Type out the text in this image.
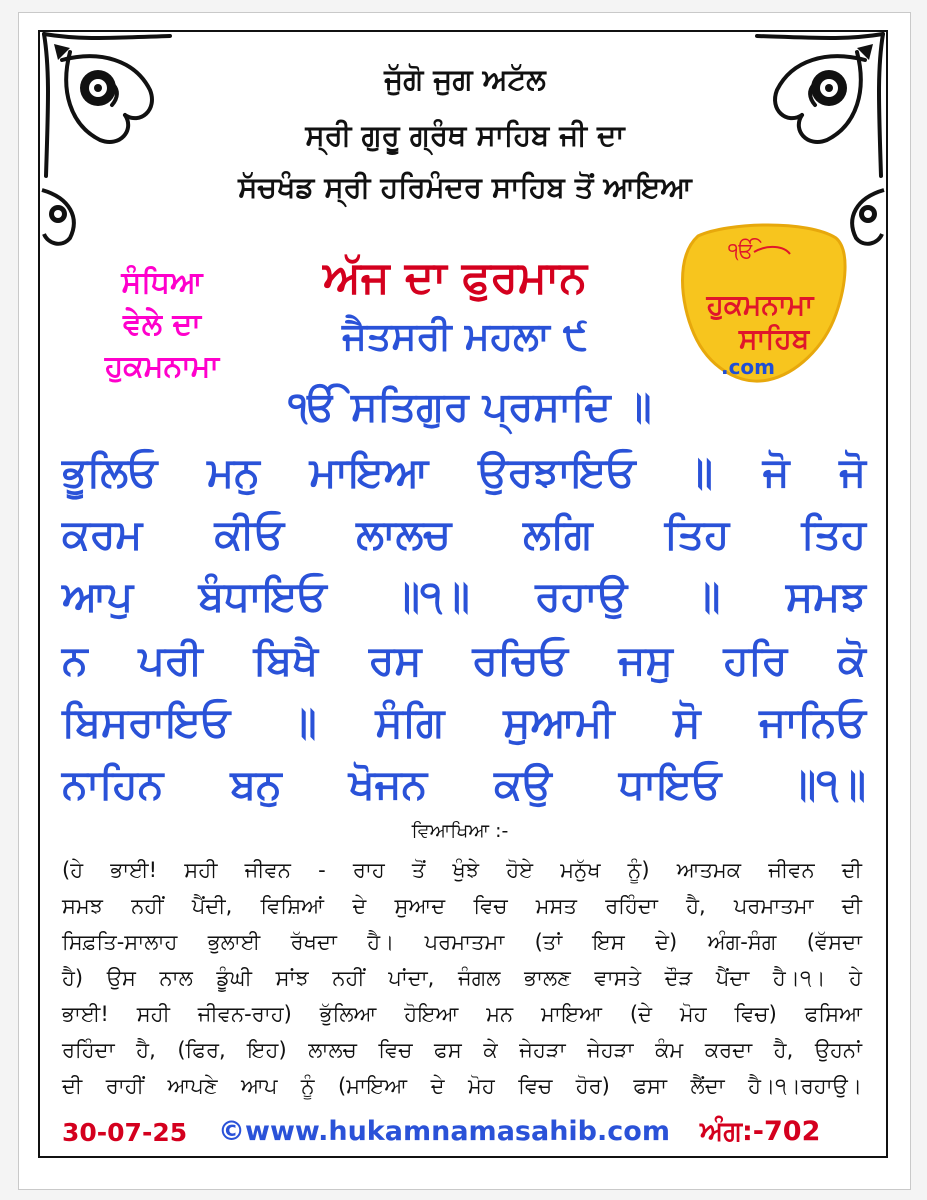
ਜੁੱਗੋ ਜੁਗ ਅਟੱਲ
ਸ੍ਰੀ ਗੁਰੂ ਗ੍ਰੰਥ ਸਾਹਿਬ ਜੀ ਦਾ
ਸੱਚਖੰਡ ਸ੍ਰੀ ਹਰਿਮੰਦਰ ਸਾਹਿਬ ਤੋਂ ਆਇਆ
ਸੰਧਿਆ
ਵੇਲੇ ਦਾ
ਹੁਕਮਨਾਮਾ
ਅੱਜ ਦਾ ਫੁਰਮਾਨ
ੴ
ਹੁਕਮਨਾਮਾ
ਸਾਹਿਬ
.com
ਜੈਤਸਰੀ ਮਹਲਾ ੯
ੴ ਸਤਿਗੁਰ ਪ੍ਰਸਾਦਿ ॥
ਭੂਲਿਓ ਮਨੁ ਮਾਇਆ ਉਰਝਾਇਓ ॥ ਜੋ ਜੋ
ਕਰਮ ਕੀਓ ਲਾਲਚ ਲਗਿ ਤਿਹ ਤਿਹ
ਆਪੁ ਬੰਧਾਇਓ ॥੧॥ ਰਹਾਉ ॥ ਸਮਝ
ਨ ਪਰੀ ਬਿਖੈ ਰਸ ਰਚਿਓ ਜਸੁ ਹਰਿ ਕੋ
ਬਿਸਰਾਇਓ ॥ ਸੰਗਿ ਸੁਆਮੀ ਸੋ ਜਾਨਿਓ
ਨਾਹਿਨ ਬਨੁ ਖੋਜਨ ਕਉ ਧਾਇਓ ॥੧॥
ਵਿਆਖਿਆ :-
(ਹੇ ਭਾਈ! ਸਹੀ ਜੀਵਨ - ਰਾਹ ਤੋਂ ਖੁੰਝੇ ਹੋਏ ਮਨੁੱਖ ਨੂੰ) ਆਤਮਕ ਜੀਵਨ ਦੀ
ਸਮਝ ਨਹੀਂ ਪੈਂਦੀ, ਵਿਸ਼ਿਆਂ ਦੇ ਸੁਆਦ ਵਿਚ ਮਸਤ ਰਹਿੰਦਾ ਹੈ, ਪਰਮਾਤਮਾ ਦੀ
ਸਿਫ਼ਤਿ-ਸਾਲਾਹ ਭੁਲਾਈ ਰੱਖਦਾ ਹੈ। ਪਰਮਾਤਮਾ (ਤਾਂ ਇਸ ਦੇ) ਅੰਗ-ਸੰਗ (ਵੱਸਦਾ
ਹੈ) ਉਸ ਨਾਲ ਡੂੰਘੀ ਸਾਂਝ ਨਹੀਂ ਪਾਂਦਾ, ਜੰਗਲ ਭਾਲਣ ਵਾਸਤੇ ਦੌੜ ਪੈਂਦਾ ਹੈ।੧। ਹੇ
ਭਾਈ! ਸਹੀ ਜੀਵਨ-ਰਾਹ) ਭੁੱਲਿਆ ਹੋਇਆ ਮਨ ਮਾਇਆ (ਦੇ ਮੋਹ ਵਿਚ) ਫਸਿਆ
ਰਹਿੰਦਾ ਹੈ, (ਫਿਰ, ਇਹ) ਲਾਲਚ ਵਿਚ ਫਸ ਕੇ ਜੇਹੜਾ ਜੇਹੜਾ ਕੰਮ ਕਰਦਾ ਹੈ, ਉਹਨਾਂ
ਦੀ ਰਾਹੀਂ ਆਪਣੇ ਆਪ ਨੂੰ (ਮਾਇਆ ਦੇ ਮੋਹ ਵਿਚ ਹੋਰ) ਫਸਾ ਲੈਂਦਾ ਹੈ।੧।ਰਹਾਉ।
30-07-25 ©www.hukamnamasahib.com ਅੰਗ:-702
